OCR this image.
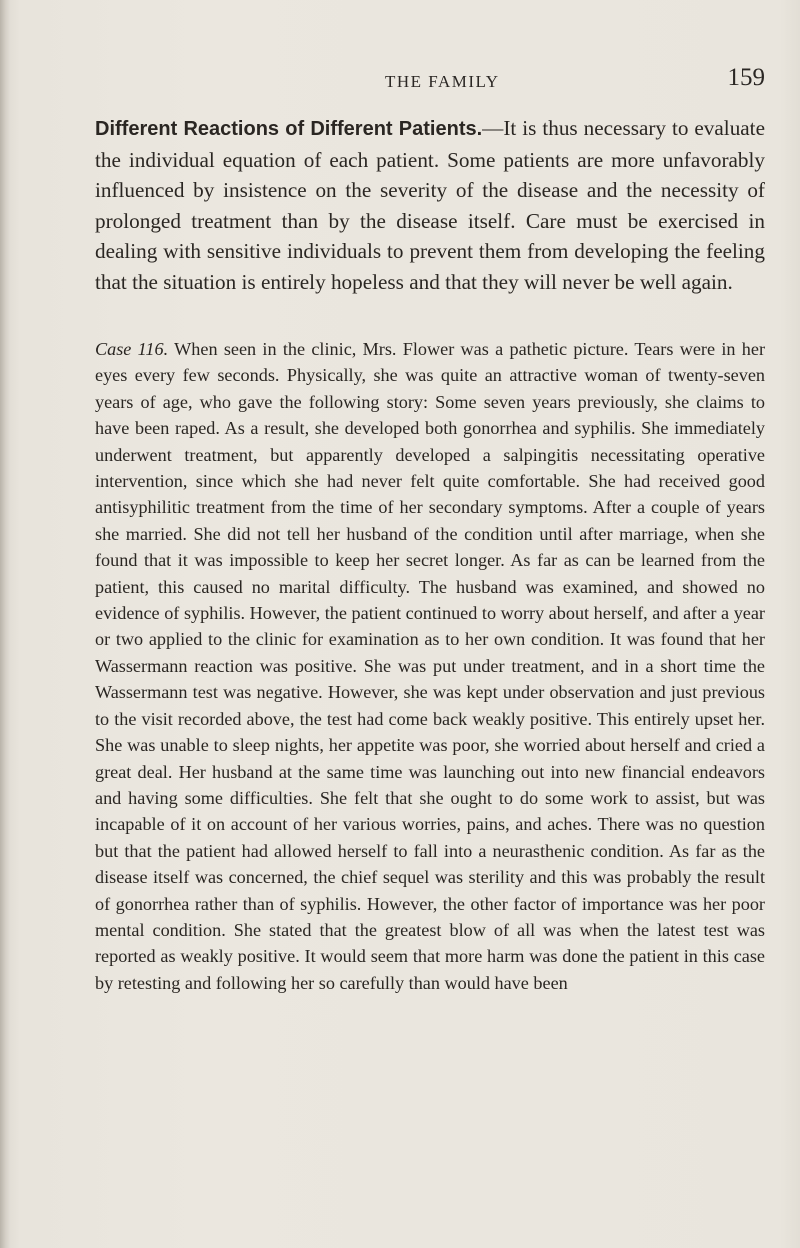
THE FAMILY	159

Different Reactions of Different Patients.—It is thus necessary to evaluate the individual equation of each patient. Some patients are more unfavorably influenced by insistence on the severity of the disease and the necessity of prolonged treatment than by the disease itself. Care must be exercised in dealing with sensitive individuals to prevent them from developing the feeling that the situation is entirely hopeless and that they will never be well again.

Case 116. When seen in the clinic, Mrs. Flower was a pathetic picture. Tears were in her eyes every few seconds. Physically, she was quite an attractive woman of twenty-seven years of age, who gave the following story: Some seven years previously, she claims to have been raped. As a result, she developed both gonorrhea and syphilis. She immediately underwent treatment, but apparently developed a salpingitis necessitating operative intervention, since which she had never felt quite comfortable. She had received good antisyphilitic treatment from the time of her secondary symptoms. After a couple of years she married. She did not tell her husband of the condition until after marriage, when she found that it was impossible to keep her secret longer. As far as can be learned from the patient, this caused no marital difficulty. The husband was examined, and showed no evidence of syphilis. However, the patient continued to worry about herself, and after a year or two applied to the clinic for examination as to her own condition. It was found that her Wassermann reaction was positive. She was put under treatment, and in a short time the Wassermann test was negative. However, she was kept under observation and just previous to the visit recorded above, the test had come back weakly positive. This entirely upset her. She was unable to sleep nights, her appetite was poor, she worried about herself and cried a great deal. Her husband at the same time was launching out into new financial endeavors and having some difficulties. She felt that she ought to do some work to assist, but was incapable of it on account of her various worries, pains, and aches. There was no question but that the patient had allowed herself to fall into a neurasthenic condition. As far as the disease itself was concerned, the chief sequel was sterility and this was probably the result of gonorrhea rather than of syphilis. However, the other factor of importance was her poor mental condition. She stated that the greatest blow of all was when the latest test was reported as weakly positive. It would seem that more harm was done the patient in this case by retesting and following her so carefully than would have been
